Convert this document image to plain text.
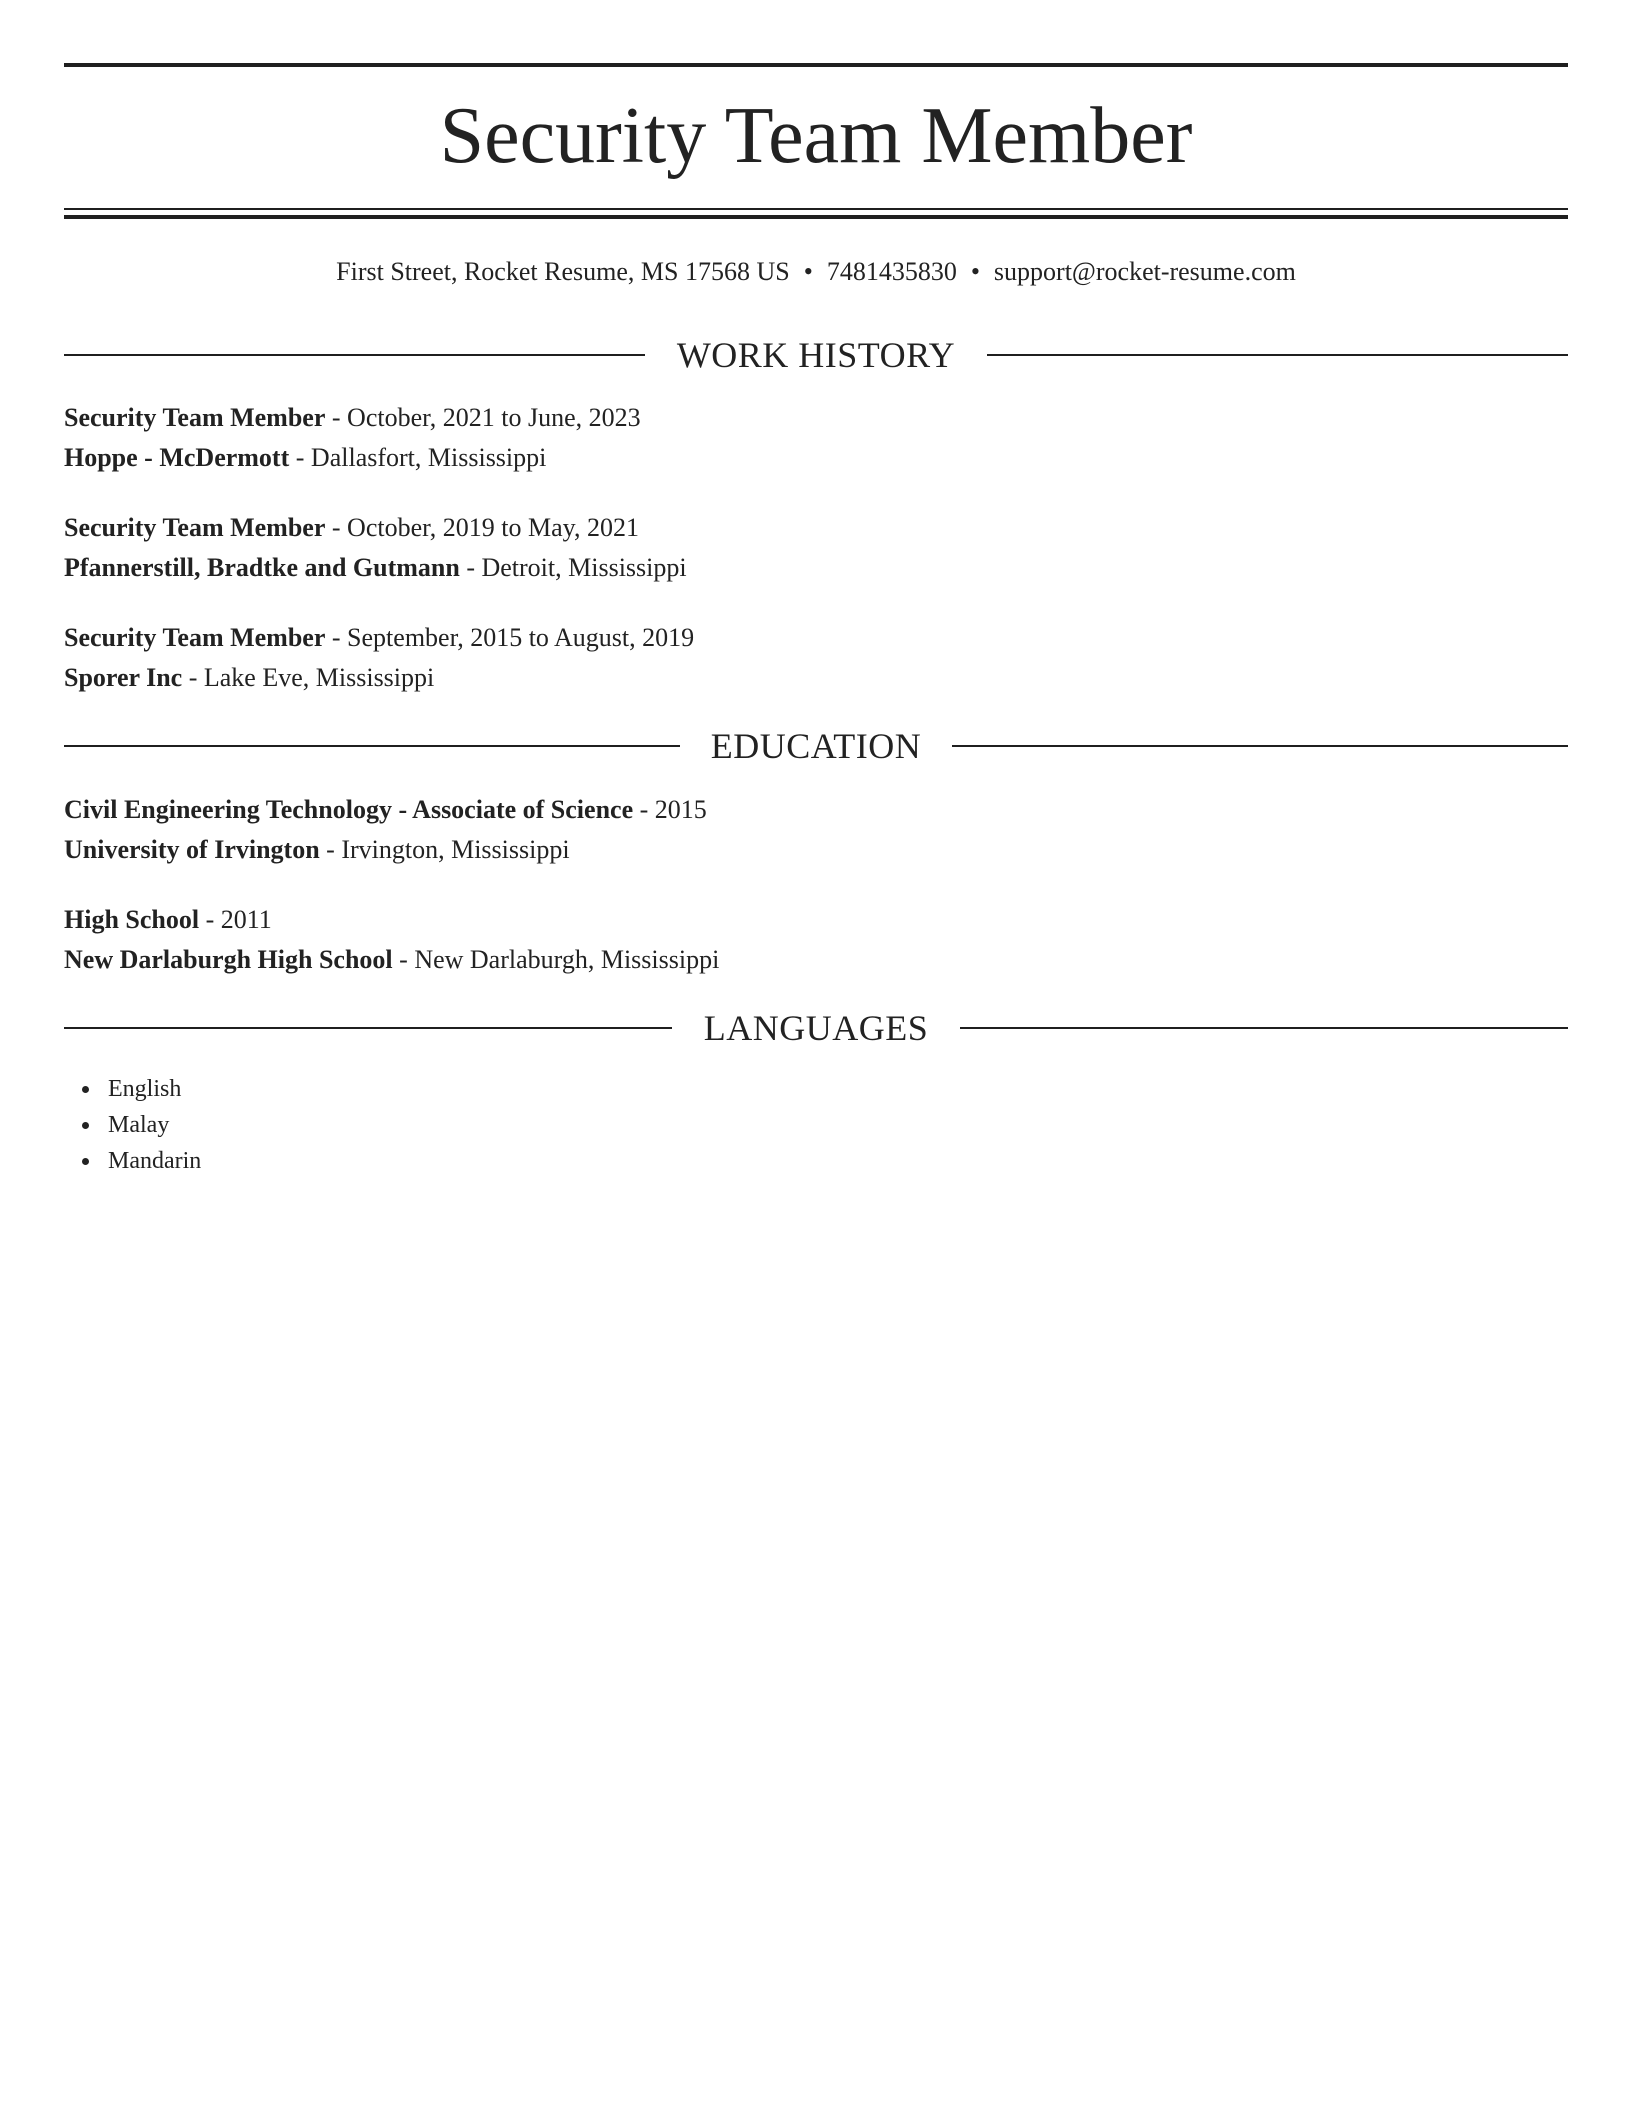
Security Team Member
First Street, Rocket Resume, MS 17568 US • 7481435830 • support@rocket-resume.com
WORK HISTORY
Security Team Member - October, 2021 to June, 2023
Hoppe - McDermott - Dallasfort, Mississippi
Security Team Member - October, 2019 to May, 2021
Pfannerstill, Bradtke and Gutmann - Detroit, Mississippi
Security Team Member - September, 2015 to August, 2019
Sporer Inc - Lake Eve, Mississippi
EDUCATION
Civil Engineering Technology - Associate of Science - 2015
University of Irvington - Irvington, Mississippi
High School - 2011
New Darlaburgh High School - New Darlaburgh, Mississippi
LANGUAGES
English
Malay
Mandarin
